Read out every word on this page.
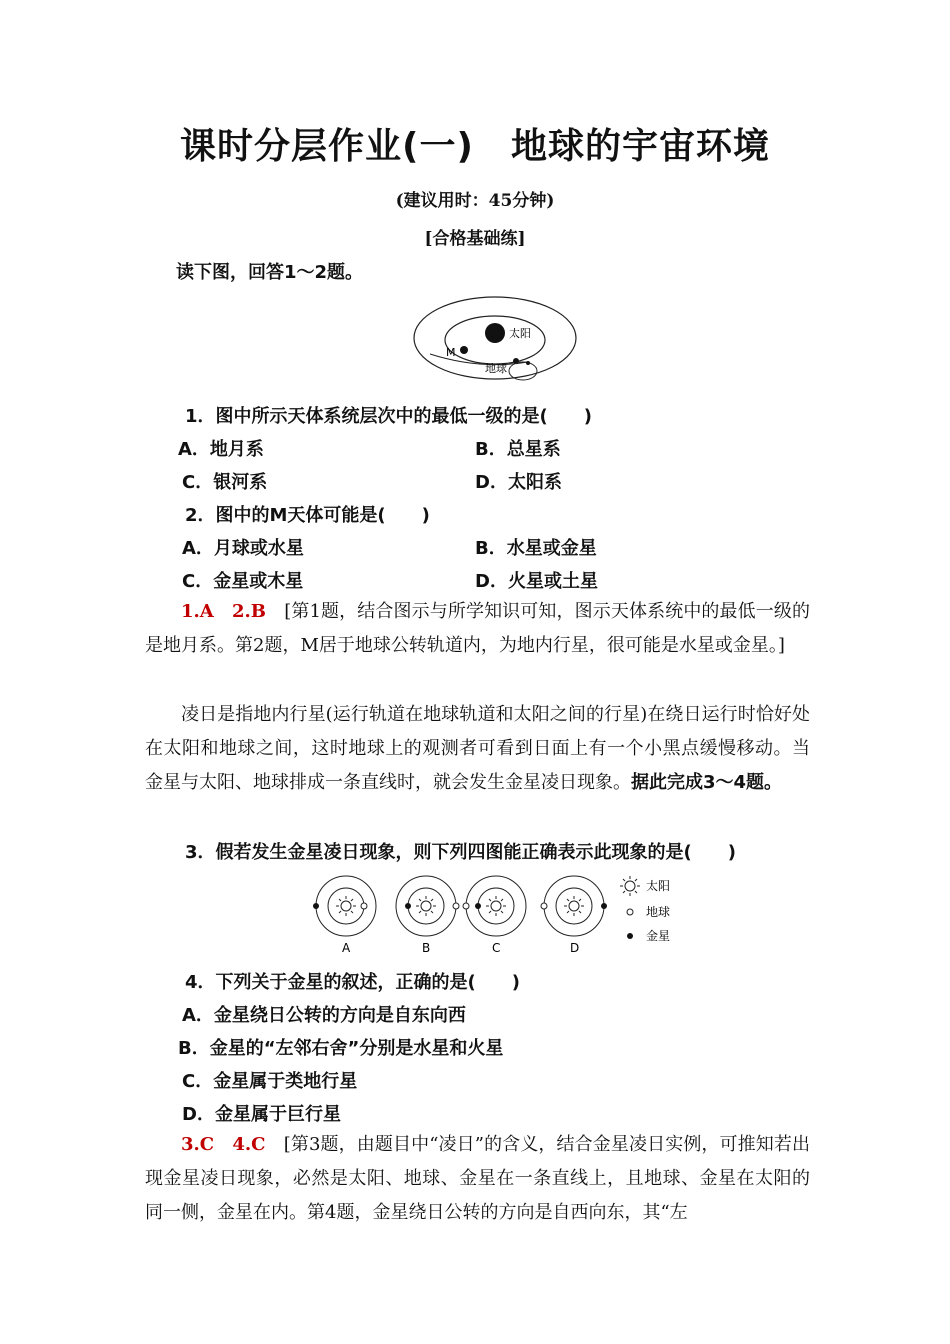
课时分层作业(一)　地球的宇宙环境
(建议用时：45分钟)
[合格基础练]
读下图，回答1～2题。
太阳
M
地球
1．图中所示天体系统层次中的最低一级的是(　　)
A．地月系	B．总星系
C．银河系	D．太阳系
2．图中的M天体可能是(　　)
A．月球或水星	B．水星或金星
C．金星或木星	D．火星或土星
1.A　2.B　 [第1题，结合图示与所学知识可知，图示天体系统中的最低一级的是地月系。第2题，M居于地球公转轨道内，为地内行星，很可能是水星或金星。]
凌日是指地内行星(运行轨道在地球轨道和太阳之间的行星)在绕日运行时恰好处在太阳和地球之间，这时地球上的观测者可看到日面上有一个小黑点缓慢移动。当金星与太阳、地球排成一条直线时，就会发生金星凌日现象。据此完成3～4题。
3．假若发生金星凌日现象，则下列四图能正确表示此现象的是(　　)
A	B	C	D
太阳
地球
金星
4．下列关于金星的叙述，正确的是(　　)
A．金星绕日公转的方向是自东向西
B．金星的“左邻右舍”分别是水星和火星
C．金星属于类地行星
D．金星属于巨行星
3.C　4.C　 [第3题，由题目中“凌日”的含义，结合金星凌日实例，可推知若出现金星凌日现象，必然是太阳、地球、金星在一条直线上，且地球、金星在太阳的同一侧，金星在内。第4题，金星绕日公转的方向是自西向东，其“左
